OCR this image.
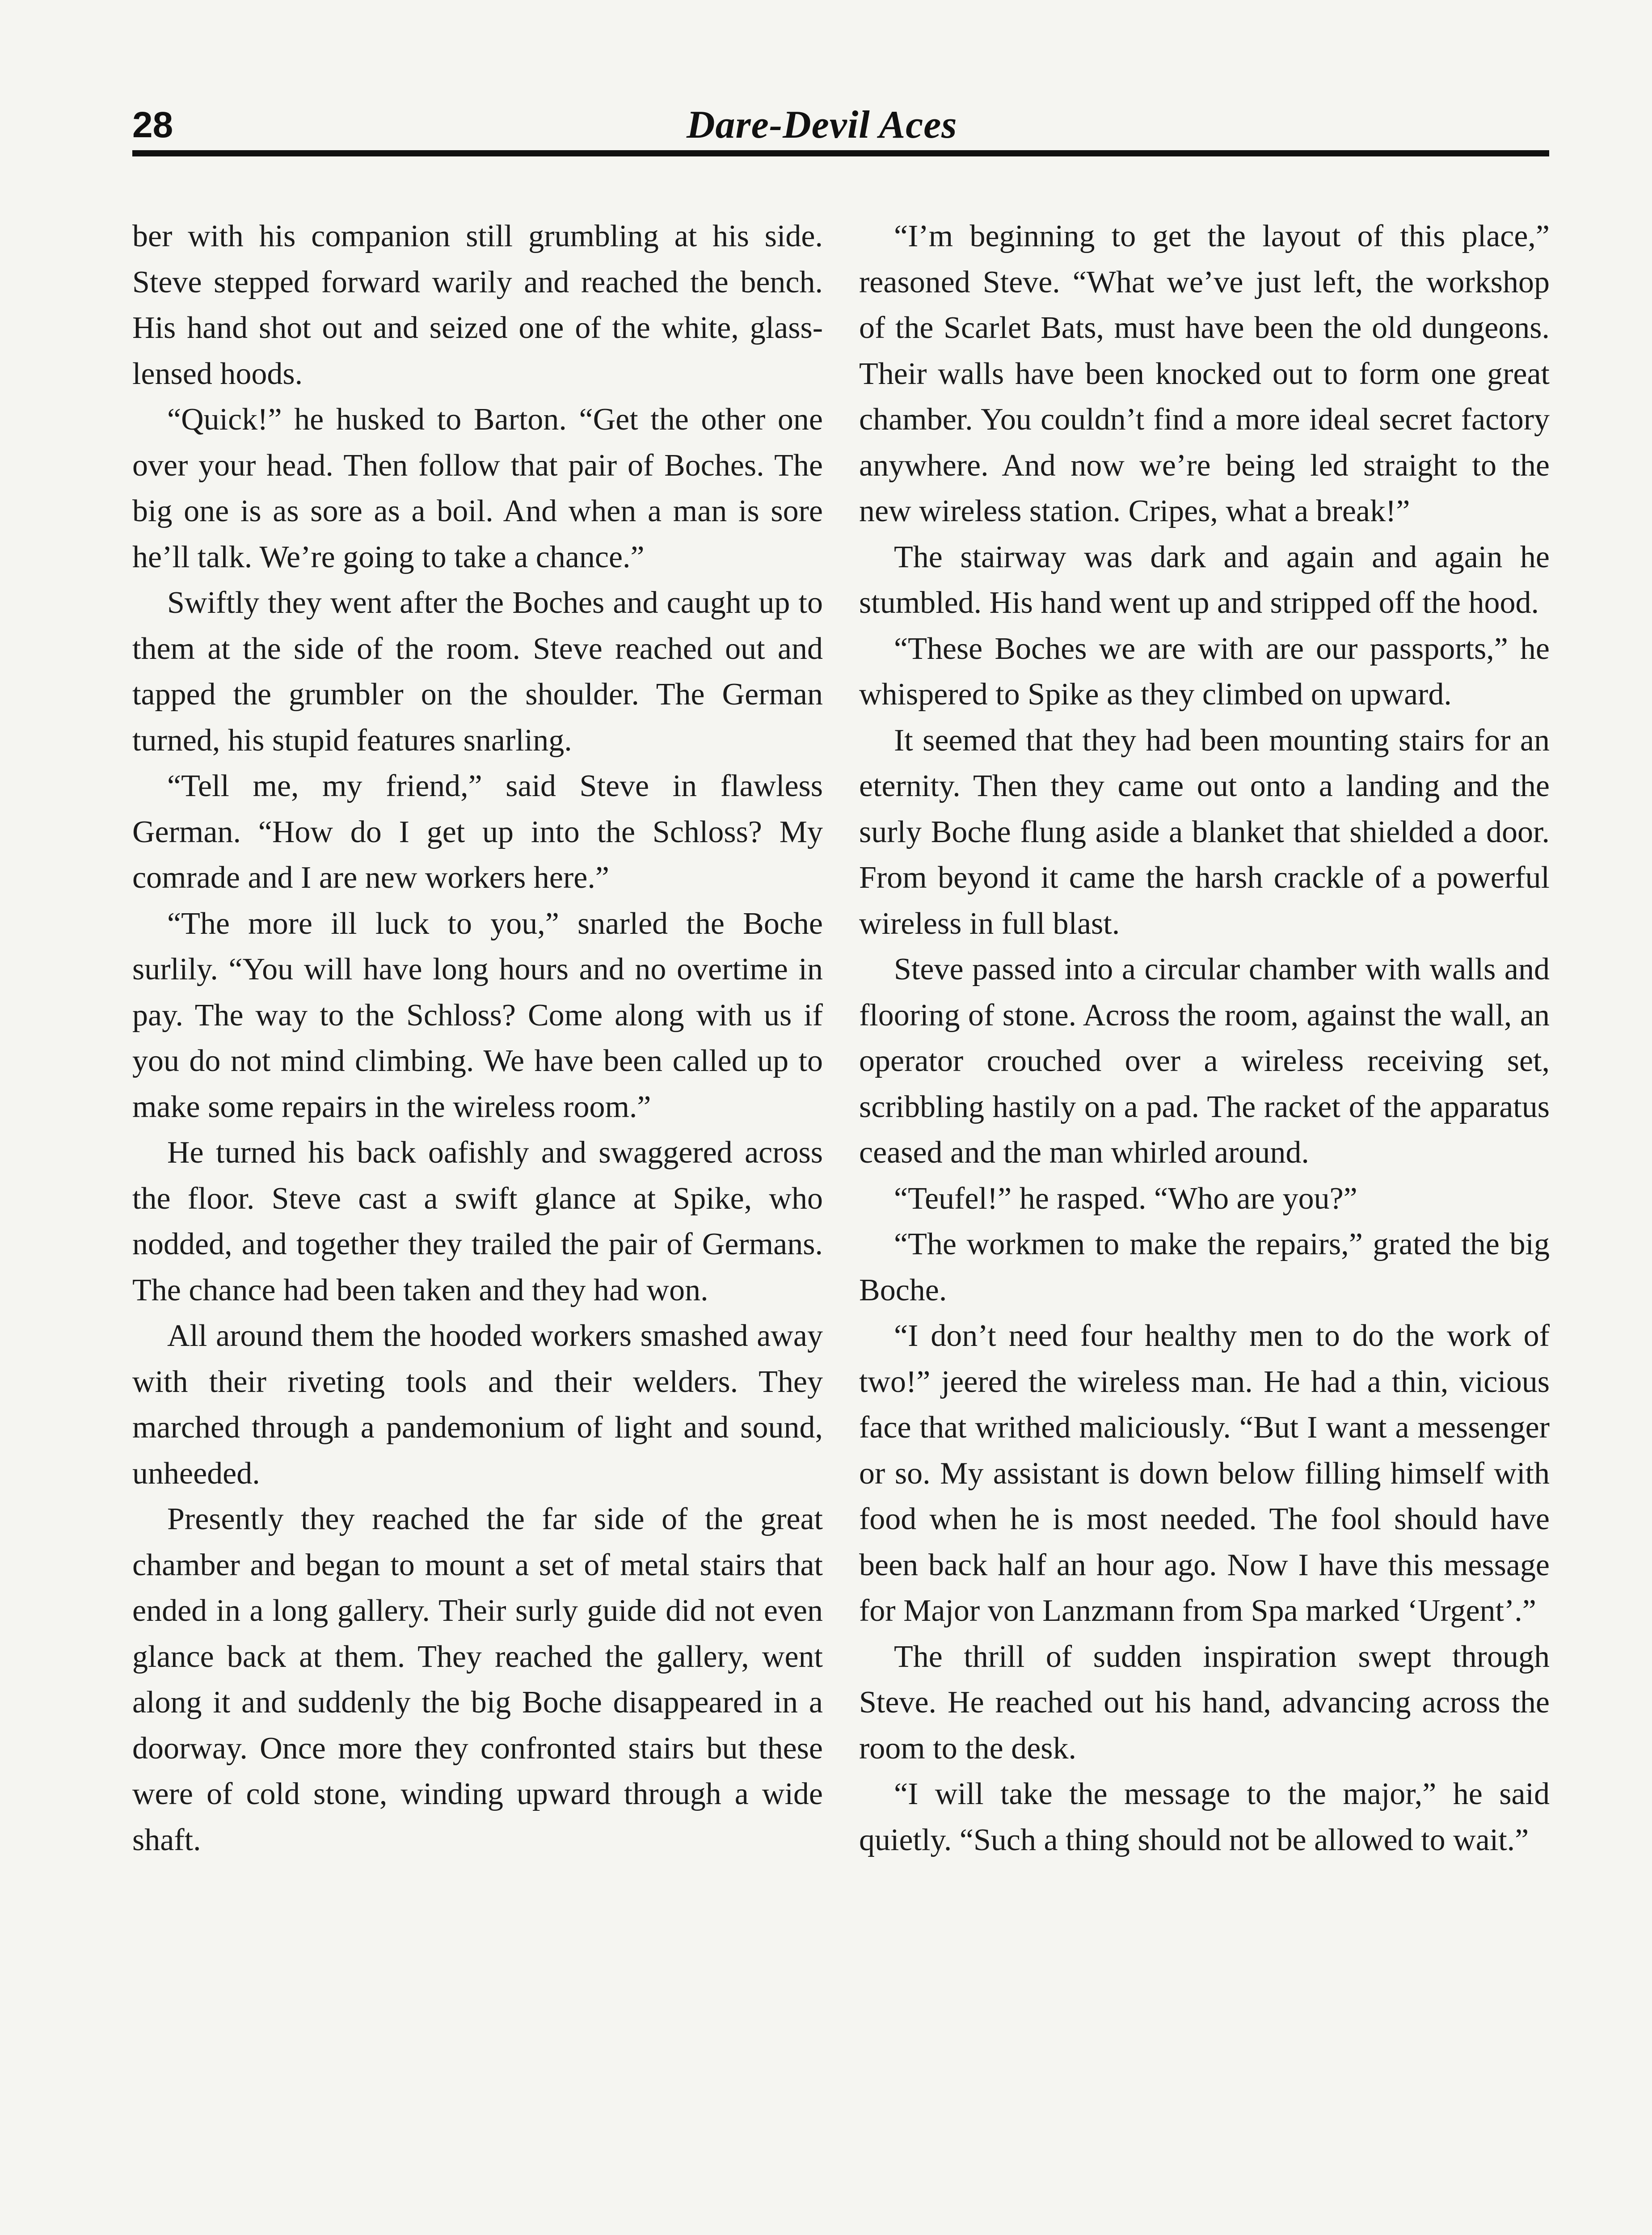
28	Dare-Devil Aces

ber with his companion still grumbling at his side. Steve stepped forward warily and reached the bench. His hand shot out and seized one of the white, glass-lensed hoods.

“Quick!” he husked to Barton. “Get the other one over your head. Then follow that pair of Boches. The big one is as sore as a boil. And when a man is sore he’ll talk. We’re going to take a chance.”

Swiftly they went after the Boches and caught up to them at the side of the room. Steve reached out and tapped the grumbler on the shoulder. The German turned, his stupid features snarling.

“Tell me, my friend,” said Steve in flawless German. “How do I get up into the Schloss? My comrade and I are new workers here.”

“The more ill luck to you,” snarled the Boche surlily. “You will have long hours and no overtime in pay. The way to the Schloss? Come along with us if you do not mind climbing. We have been called up to make some repairs in the wireless room.”

He turned his back oafishly and swaggered across the floor. Steve cast a swift glance at Spike, who nodded, and together they trailed the pair of Germans. The chance had been taken and they had won.

All around them the hooded workers smashed away with their riveting tools and their welders. They marched through a pandemonium of light and sound, unheeded.

Presently they reached the far side of the great chamber and began to mount a set of metal stairs that ended in a long gallery. Their surly guide did not even glance back at them. They reached the gallery, went along it and suddenly the big Boche disappeared in a doorway. Once more they confronted stairs but these were of cold stone, winding upward through a wide shaft.

“I’m beginning to get the layout of this place,” reasoned Steve. “What we’ve just left, the workshop of the Scarlet Bats, must have been the old dungeons. Their walls have been knocked out to form one great chamber. You couldn’t find a more ideal secret factory anywhere. And now we’re being led straight to the new wireless station. Cripes, what a break!”

The stairway was dark and again and again he stumbled. His hand went up and stripped off the hood.

“These Boches we are with are our passports,” he whispered to Spike as they climbed on upward.

It seemed that they had been mounting stairs for an eternity. Then they came out onto a landing and the surly Boche flung aside a blanket that shielded a door. From beyond it came the harsh crackle of a powerful wireless in full blast.

Steve passed into a circular chamber with walls and flooring of stone. Across the room, against the wall, an operator crouched over a wireless receiving set, scribbling hastily on a pad. The racket of the apparatus ceased and the man whirled around.

“Teufel!” he rasped. “Who are you?”

“The workmen to make the repairs,” grated the big Boche.

“I don’t need four healthy men to do the work of two!” jeered the wireless man. He had a thin, vicious face that writhed maliciously. “But I want a messenger or so. My assistant is down below filling himself with food when he is most needed. The fool should have been back half an hour ago. Now I have this message for Major von Lanzmann from Spa marked ‘Urgent’.”

The thrill of sudden inspiration swept through Steve. He reached out his hand, advancing across the room to the desk.

“I will take the message to the major,” he said quietly. “Such a thing should not be allowed to wait.”
